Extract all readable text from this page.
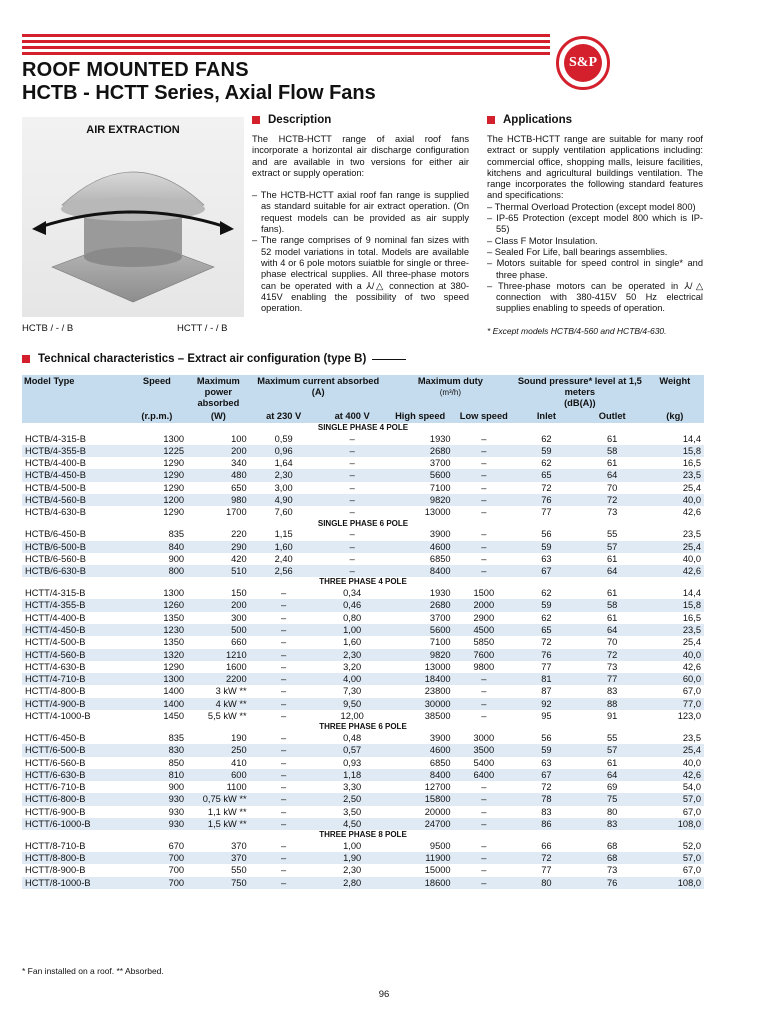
S&P
ROOF MOUNTED FANS
HCTB - HCTT Series, Axial Flow Fans
AIR EXTRACTION
HCTB / - / B	HCTT / - / B
Description

The HCTB-HCTT range of axial roof fans incorporate a horizontal air discharge configuration and are available in two versions for either air extract or supply operation:

– The HCTB-HCTT axial roof fan range is supplied as standard suitable for air extract operation. (On request models can be provided as air supply fans).
– The range comprises of 9 nominal fan sizes with 52 model variations in total. Models are available with 4 or 6 pole motors suiatble for single or three-phase electrical supplies. All three-phase motors can be operated with a ⅄/△ connection at 380-415V enabling the possibility of two speed operation.
Applications

The HCTB-HCTT range are suitable for many roof extract or supply ventilation applications including: commercial office, shopping malls, leisure facilities, kitchens and agricultural buildings ventilation. The range incorporates the following standard features and specifications:

– Thermal Overload Protection (except model 800)
– IP-65 Protection (except model 800 which is IP-55)
– Class F Motor Insulation.
– Sealed For Life, ball bearings assemblies.
– Motors suitable for speed control in single* and three phase.
– Three-phase motors can be operated in ⅄/△ connection with 380-415V 50 Hz electrical supplies enabling to speeds of operation.
* Except models HCTB/4-560 and HCTB/4-630.
Technical characteristics – Extract air configuration (type B)
Model Type	Speed	Maximum power absorbed	Maximum current absorbed
(A)		Maximum duty
(m³/h)		Sound pressure* level at 1,5 meters
(dB(A))		Weight
	(r.p.m.)	(W)	at 230 V	at 400 V	High speed	Low speed	Inlet	Outlet	(kg)
SINGLE PHASE 4 POLE									
HCTB/4-315-B	1300	100	0,59	–	1930	–	62	61	14,4
HCTB/4-355-B	1225	200	0,96	–	2680	–	59	58	15,8
HCTB/4-400-B	1290	340	1,64	–	3700	–	62	61	16,5
HCTB/4-450-B	1290	480	2,30	–	5600	–	65	64	23,5
HCTB/4-500-B	1290	650	3,00	–	7100	–	72	70	25,4
HCTB/4-560-B	1200	980	4,90	–	9820	–	76	72	40,0
HCTB/4-630-B	1290	1700	7,60	–	13000	–	77	73	42,6
SINGLE PHASE 6 POLE									
HCTB/6-450-B	835	220	1,15	–	3900	–	56	55	23,5
HCTB/6-500-B	840	290	1,60	–	4600	–	59	57	25,4
HCTB/6-560-B	900	420	2,40	–	6850	–	63	61	40,0
HCTB/6-630-B	800	510	2,56	–	8400	–	67	64	42,6
THREE PHASE 4 POLE									
HCTT/4-315-B	1300	150	–	0,34	1930	1500	62	61	14,4
HCTT/4-355-B	1260	200	–	0,46	2680	2000	59	58	15,8
HCTT/4-400-B	1350	300	–	0,80	3700	2900	62	61	16,5
HCTT/4-450-B	1230	500	–	1,00	5600	4500	65	64	23,5
HCTT/4-500-B	1350	660	–	1,60	7100	5850	72	70	25,4
HCTT/4-560-B	1320	1210	–	2,30	9820	7600	76	72	40,0
HCTT/4-630-B	1290	1600	–	3,20	13000	9800	77	73	42,6
HCTT/4-710-B	1300	2200	–	4,00	18400	–	81	77	60,0
HCTT/4-800-B	1400	3 kW **	–	7,30	23800	–	87	83	67,0
HCTT/4-900-B	1400	4 kW **	–	9,50	30000	–	92	88	77,0
HCTT/4-1000-B	1450	5,5 kW **	–	12,00	38500	–	95	91	123,0
THREE PHASE 6 POLE									
HCTT/6-450-B	835	190	–	0,48	3900	3000	56	55	23,5
HCTT/6-500-B	830	250	–	0,57	4600	3500	59	57	25,4
HCTT/6-560-B	850	410	–	0,93	6850	5400	63	61	40,0
HCTT/6-630-B	810	600	–	1,18	8400	6400	67	64	42,6
HCTT/6-710-B	900	1100	–	3,30	12700	–	72	69	54,0
HCTT/6-800-B	930	0,75 kW **	–	2,50	15800	–	78	75	57,0
HCTT/6-900-B	930	1,1 kW **	–	3,50	20000	–	83	80	67,0
HCTT/6-1000-B	930	1,5 kW **	–	4,50	24700	–	86	83	108,0
THREE PHASE 8 POLE									
HCTT/8-710-B	670	370	–	1,00	9500	–	66	68	52,0
HCTT/8-800-B	700	370	–	1,90	11900	–	72	68	57,0
HCTT/8-900-B	700	550	–	2,30	15000	–	77	73	67,0
HCTT/8-1000-B	700	750	–	2,80	18600	–	80	76	108,0
* Fan installed on a roof. ** Absorbed.
96
